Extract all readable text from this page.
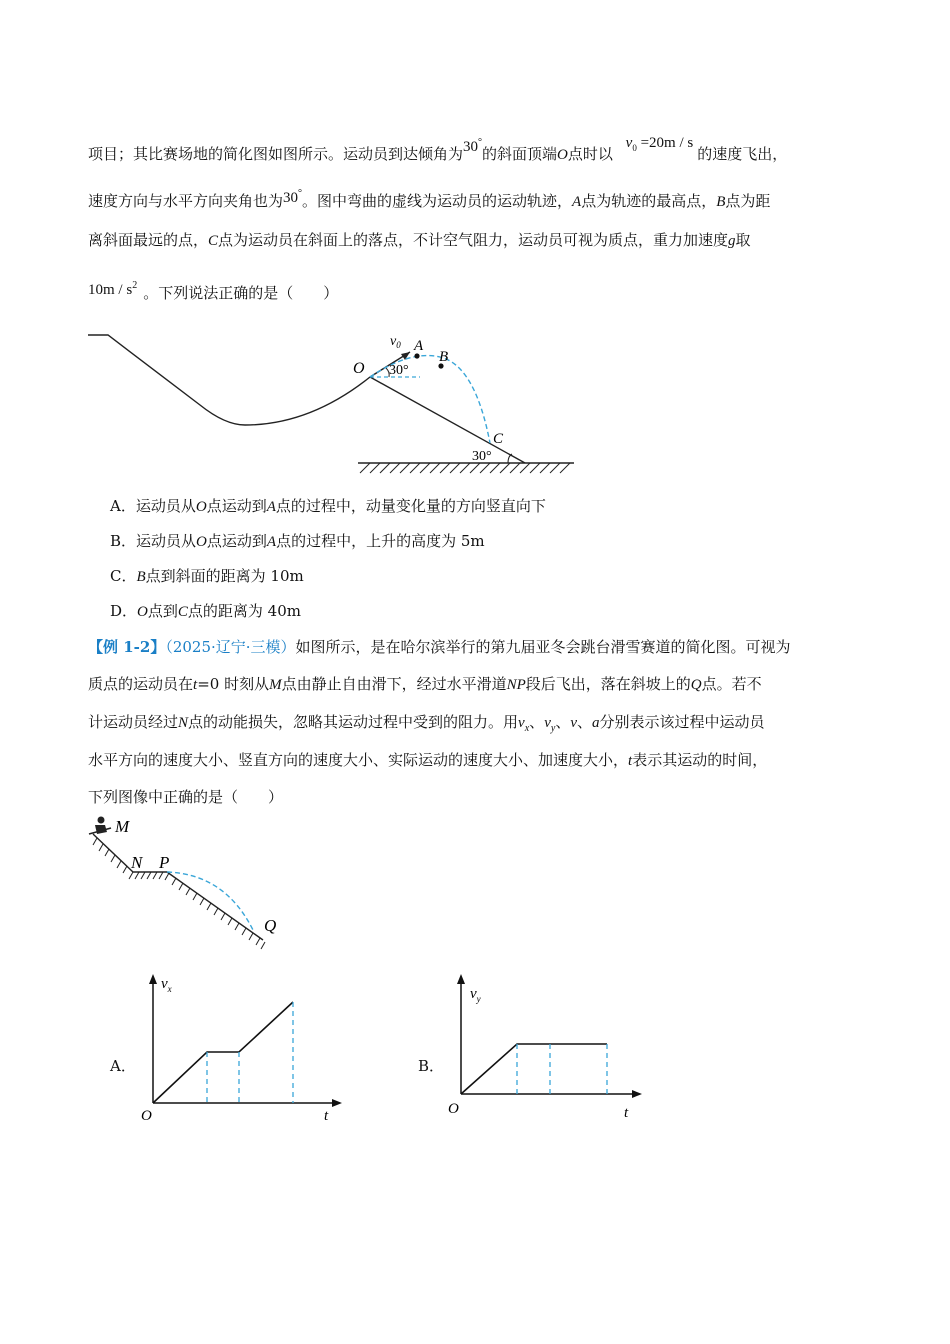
项目；其比赛场地的简化图如图所示。运动员到达倾角为30°的斜面顶端O点时以 $v_0 =20m / s$的速度飞出，
速度方向与水平方向夹角也为30°。图中弯曲的虚线为运动员的运动轨迹，A点为轨迹的最高点，B点为距
离斜面最远的点，C点为运动员在斜面上的落点，不计空气阻力，运动员可视为质点，重力加速度g取
$10m / s^2$ 。下列说法正确的是（　　）
$v_0$ A
B
O 30°
C
30°
A．运动员从O点运动到A点的过程中，动量变化量的方向竖直向下
B．运动员从O点运动到A点的过程中，上升的高度为 5m
C．B点到斜面的距离为 10m
D．O点到C点的距离为 40m
【例 1-2】（2025·辽宁·三模）如图所示，是在哈尔滨举行的第九届亚冬会跳台滑雪赛道的简化图。可视为
质点的运动员在t=0 时刻从M点由静止自由滑下，经过水平滑道NP段后飞出，落在斜坡上的Q点。若不
计运动员经过N点的动能损失，忽略其运动过程中受到的阻力。用$v_x$、$v_y$、v、a分别表示该过程中运动员
水平方向的速度大小、竖直方向的速度大小、实际运动的速度大小、加速度大小，t表示其运动的时间，
下列图像中正确的是（　　）
M
N P
Q
A．
$v_x$
t
O
B．
$v_y$
t
O
